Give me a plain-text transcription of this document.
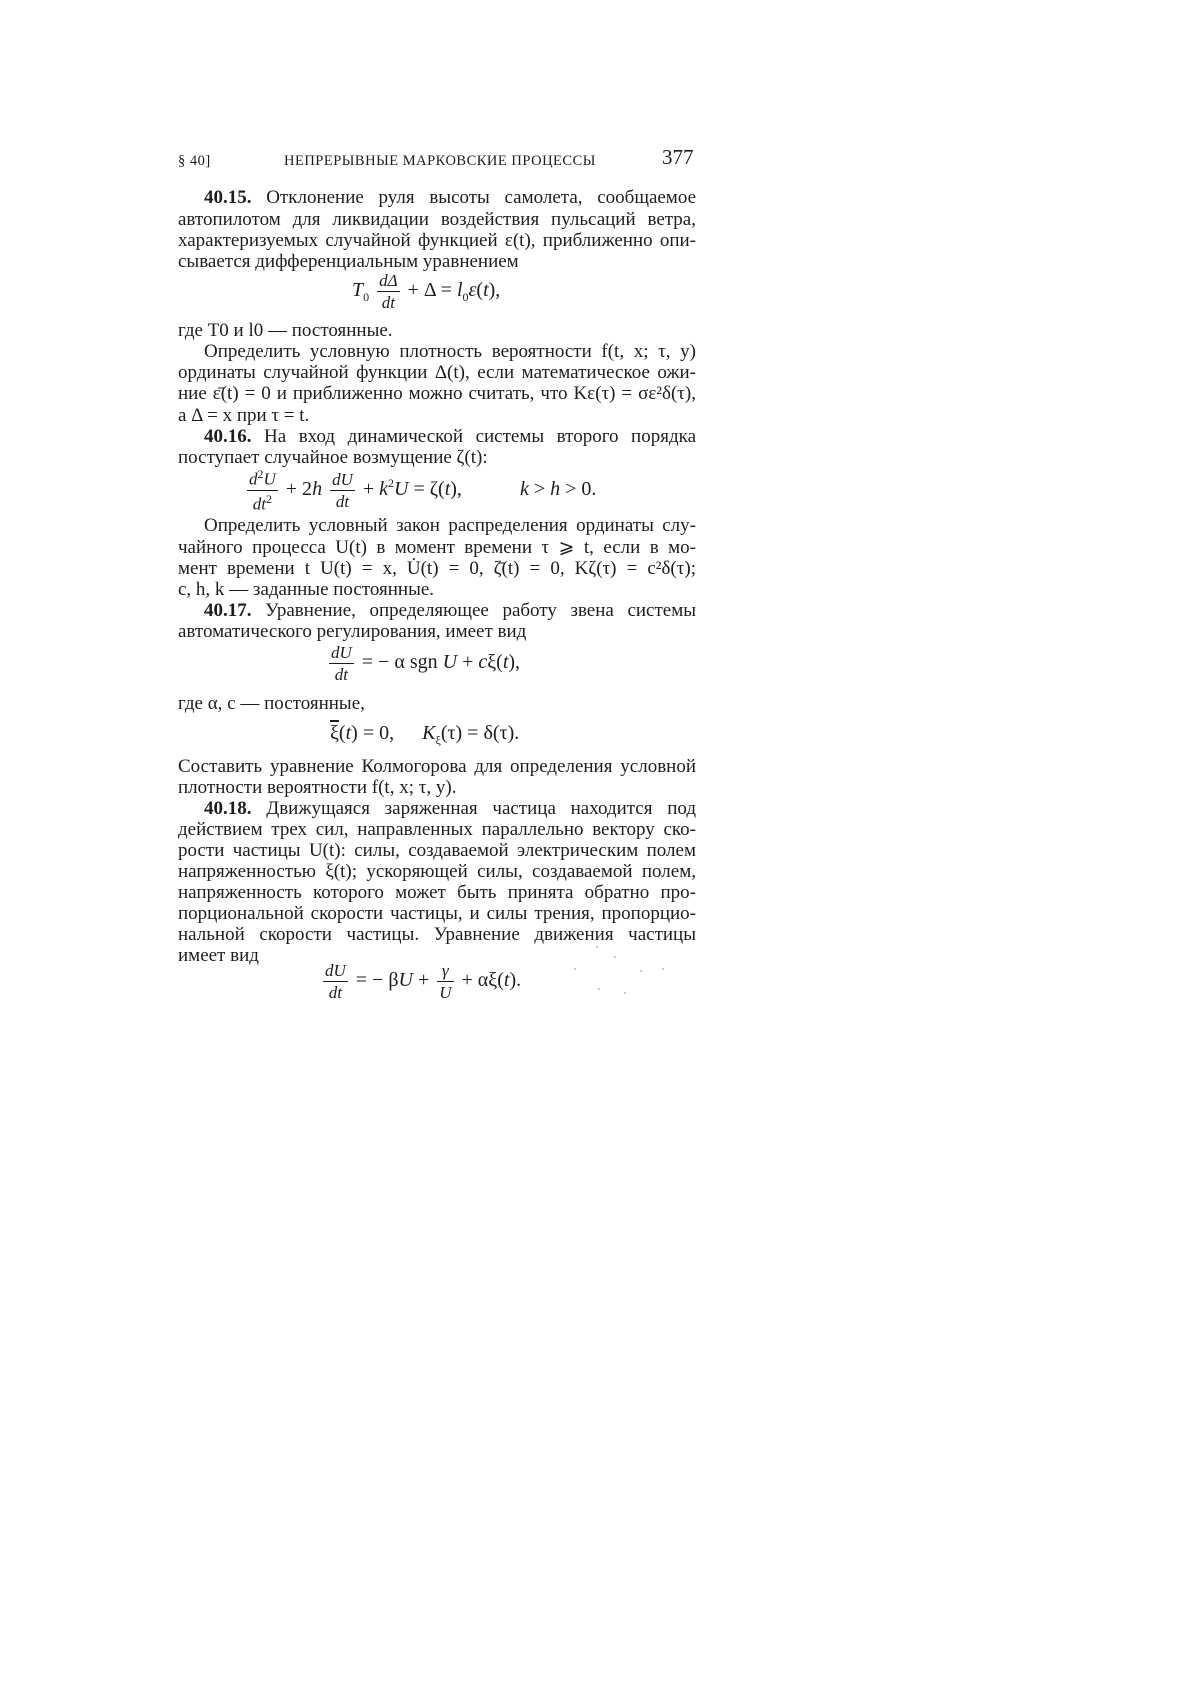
§ 40]	НЕПРЕРЫВНЫЕ МАРКОВСКИЕ ПРОЦЕССЫ	377
40.15. Отклонение руля высоты самолета, сообщаемое
автопилотом для ликвидации воздействия пульсаций ветра,
характеризуемых случайной функцией ε(t), приближенно опи-
сывается дифференциальным уравнением
$T_0 \frac{d\Delta}{dt} + \Delta = l_0\varepsilon(t)$,
где T0 и l0 — постоянные.
Определить условную плотность вероятности f(t, x; τ, y)
ординаты случайной функции Δ(t), если математическое ожи-
ние ε̄(t) = 0 и приближенно можно считать, что Kε(τ) = σε²δ(τ),
а Δ = x при τ = t.
40.16. На вход динамической системы второго порядка
поступает случайное возмущение ζ(t):
$\frac{d^2U}{dt^2} + 2h \frac{dU}{dt} + k^2U = \zeta(t)$,	k > h > 0.
Определить условный закон распределения ординаты слу-
чайного процесса U(t) в момент времени τ ⩾ t, если в мо-
мент времени t U(t) = x, U̇(t) = 0, ζ̄(t) = 0, Kζ(τ) = c²δ(τ);
c, h, k — заданные постоянные.
40.17. Уравнение, определяющее работу звена системы
автоматического регулирования, имеет вид
$\frac{dU}{dt}$ = − α sgn U + cξ(t),
где α, c — постоянные,
$\overline{\xi}(t) = 0$,  $K_\xi(\tau) = \delta(\tau)$.
Составить уравнение Колмогорова для определения условной
плотности вероятности f(t, x; τ, y).
40.18. Движущаяся заряженная частица находится под
действием трех сил, направленных параллельно вектору ско-
рости частицы U(t): силы, создаваемой электрическим полем
напряженностью ξ(t); ускоряющей силы, создаваемой полем,
напряженность которого может быть принята обратно про-
порциональной скорости частицы, и силы трения, пропорцио-
нальной скорости частицы. Уравнение движения частицы
имеет вид
$\frac{dU}{dt}$ = − $\beta U + \frac{\gamma}{U} + \alpha\xi(t)$.
